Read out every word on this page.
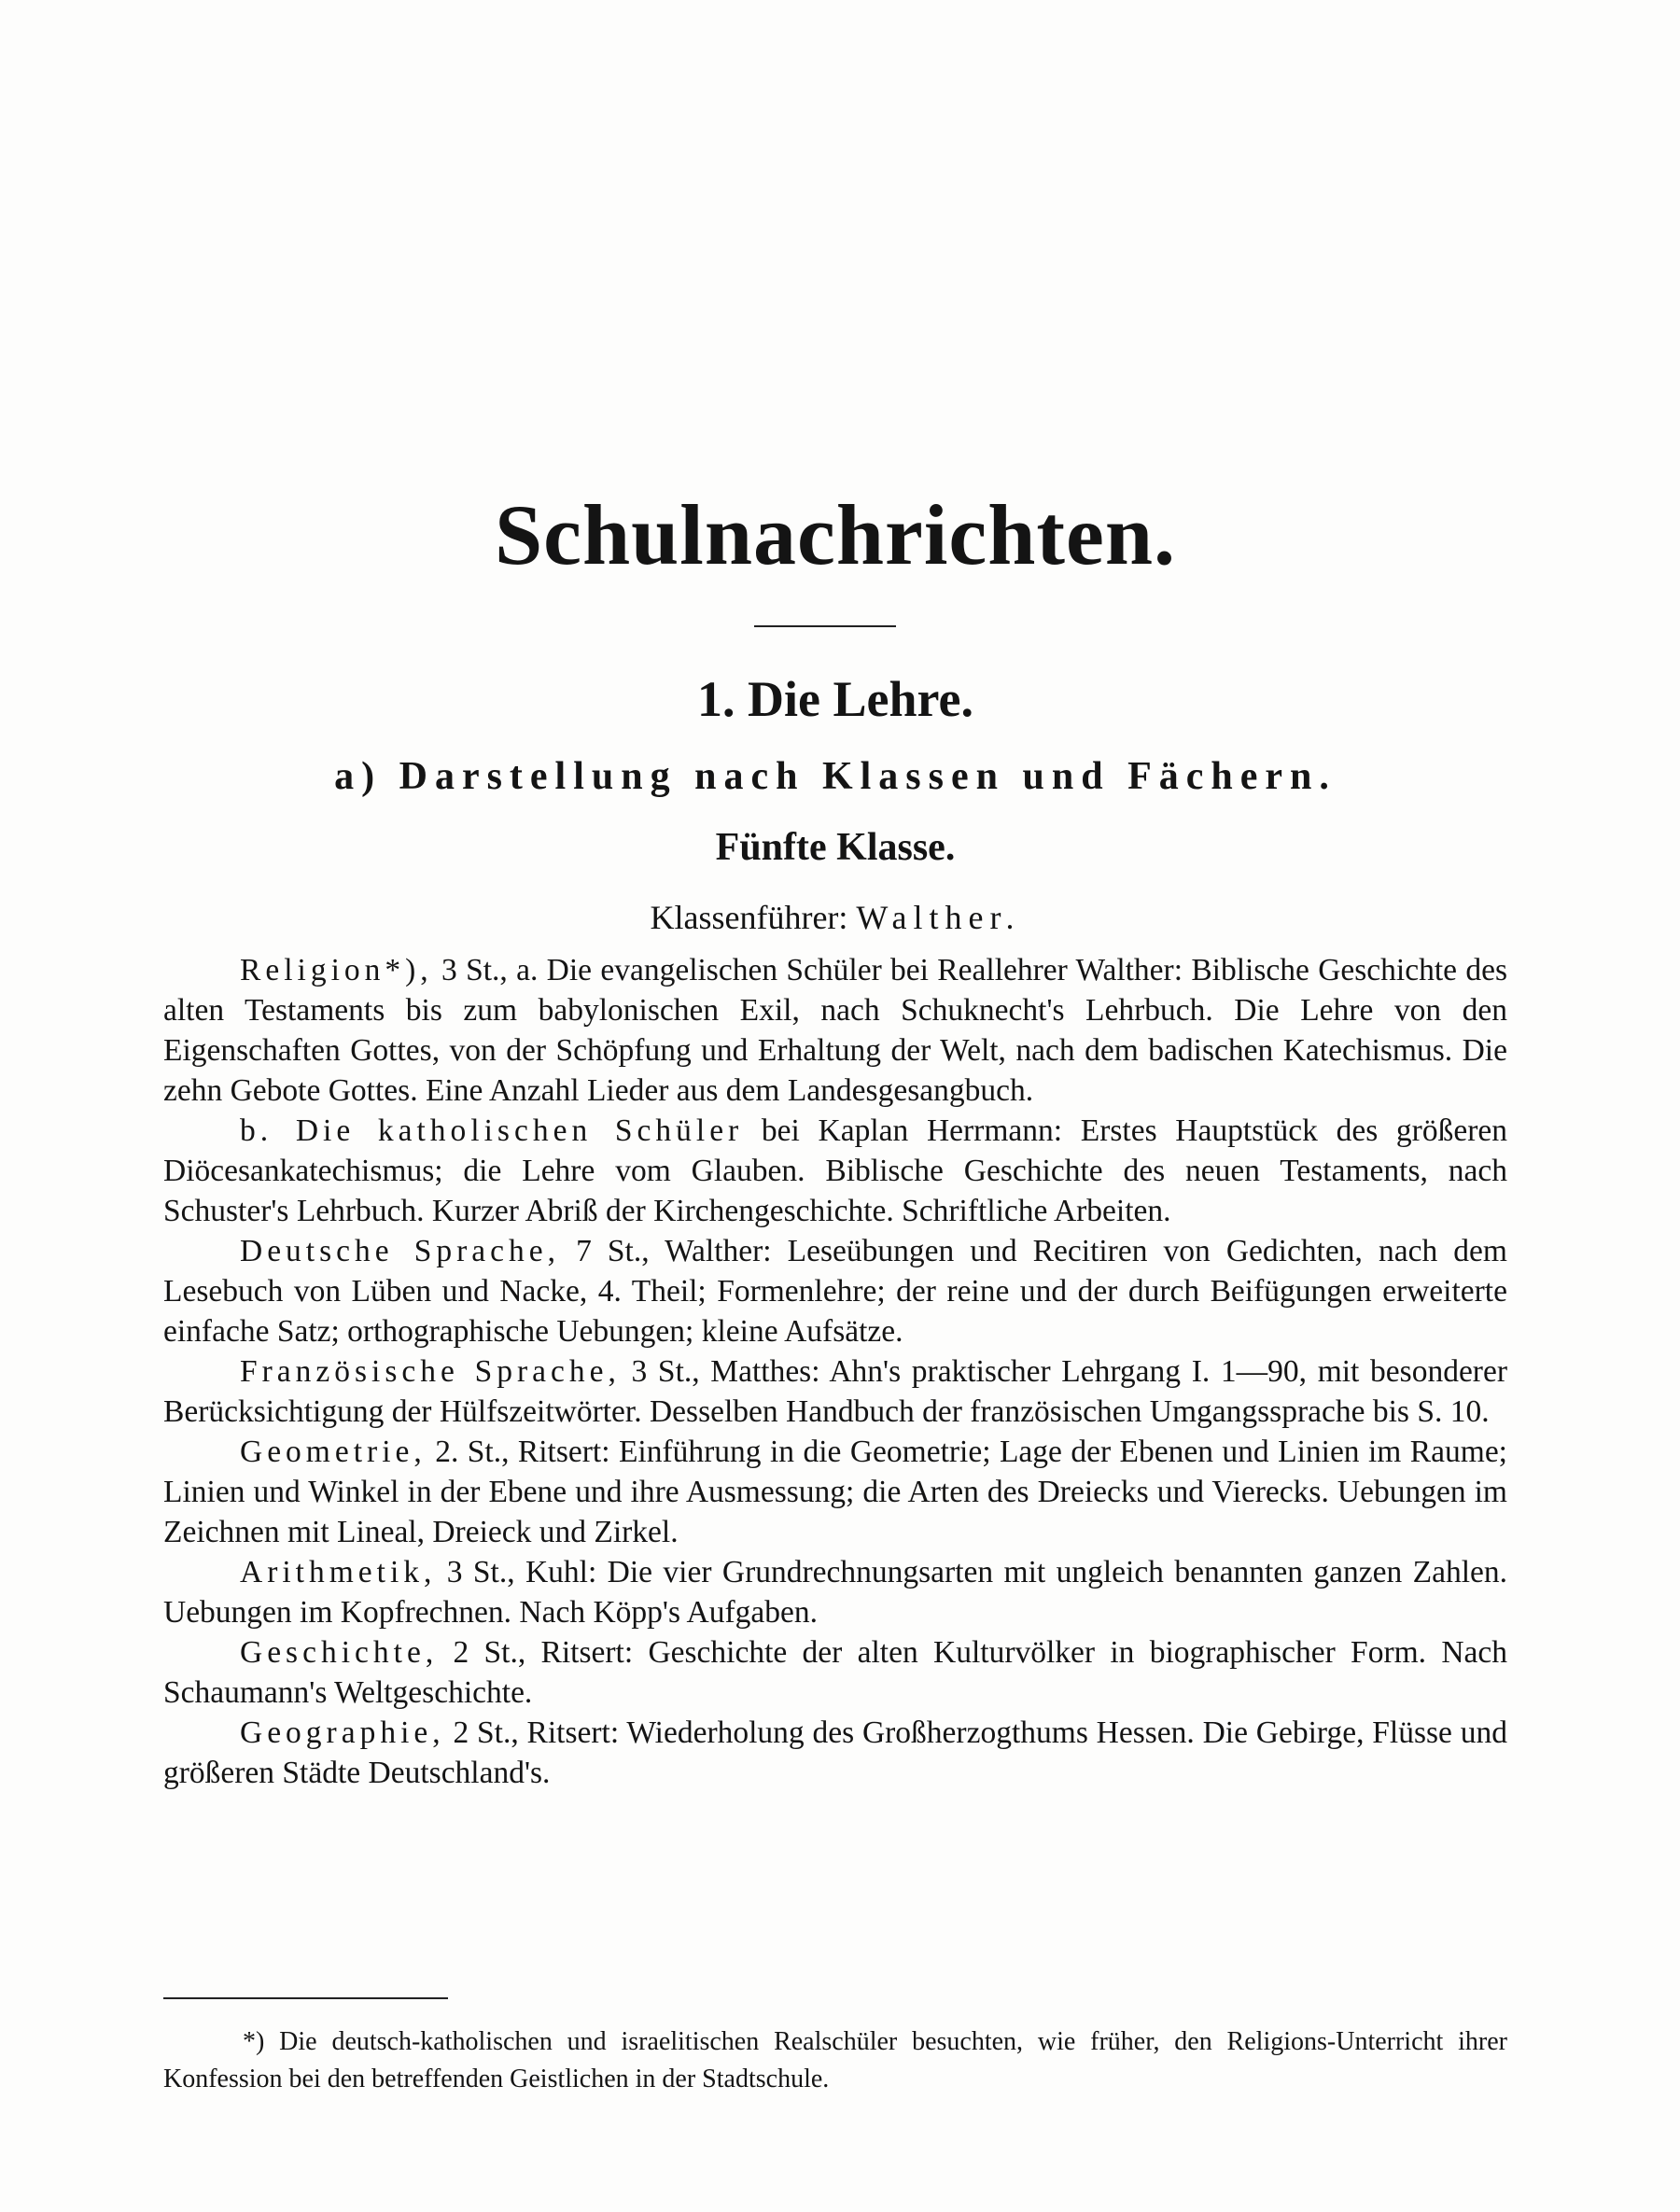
Schulnachrichten.
1. Die Lehre.
a) Darstellung nach Klassen und Fächern.
Fünfte Klasse.
Klassenführer: Walther.

Religion*), 3 St., a. Die evangelischen Schüler bei Reallehrer Walther: Biblische Geschichte des alten Testaments bis zum babylonischen Exil, nach Schuknecht's Lehrbuch. Die Lehre von den Eigenschaften Gottes, von der Schöpfung und Erhaltung der Welt, nach dem badischen Katechismus. Die zehn Gebote Gottes. Eine Anzahl Lieder aus dem Landesgesangbuch.

b. Die katholischen Schüler bei Kaplan Herrmann: Erstes Hauptstück des größeren Diöcesankatechismus; die Lehre vom Glauben. Biblische Geschichte des neuen Testaments, nach Schuster's Lehrbuch. Kurzer Abriß der Kirchengeschichte. Schriftliche Arbeiten.

Deutsche Sprache, 7 St., Walther: Leseübungen und Recitiren von Gedichten, nach dem Lesebuch von Lüben und Nacke, 4. Theil; Formenlehre; der reine und der durch Beifügungen erweiterte einfache Satz; orthographische Uebungen; kleine Aufsätze.

Französische Sprache, 3 St., Matthes: Ahn's praktischer Lehrgang I. 1—90, mit besonderer Berücksichtigung der Hülfszeitwörter. Desselben Handbuch der französischen Umgangssprache bis S. 10.

Geometrie, 2. St., Ritsert: Einführung in die Geometrie; Lage der Ebenen und Linien im Raume; Linien und Winkel in der Ebene und ihre Ausmessung; die Arten des Dreiecks und Vierecks. Uebungen im Zeichnen mit Lineal, Dreieck und Zirkel.

Arithmetik, 3 St., Kuhl: Die vier Grundrechnungsarten mit ungleich benannten ganzen Zahlen. Uebungen im Kopfrechnen. Nach Köpp's Aufgaben.

Geschichte, 2 St., Ritsert: Geschichte der alten Kulturvölker in biographischer Form. Nach Schaumann's Weltgeschichte.

Geographie, 2 St., Ritsert: Wiederholung des Großherzogthums Hessen. Die Gebirge, Flüsse und größeren Städte Deutschland's.

*) Die deutsch-katholischen und israelitischen Realschüler besuchten, wie früher, den Religions-Unterricht ihrer Konfession bei den betreffenden Geistlichen in der Stadtschule.
